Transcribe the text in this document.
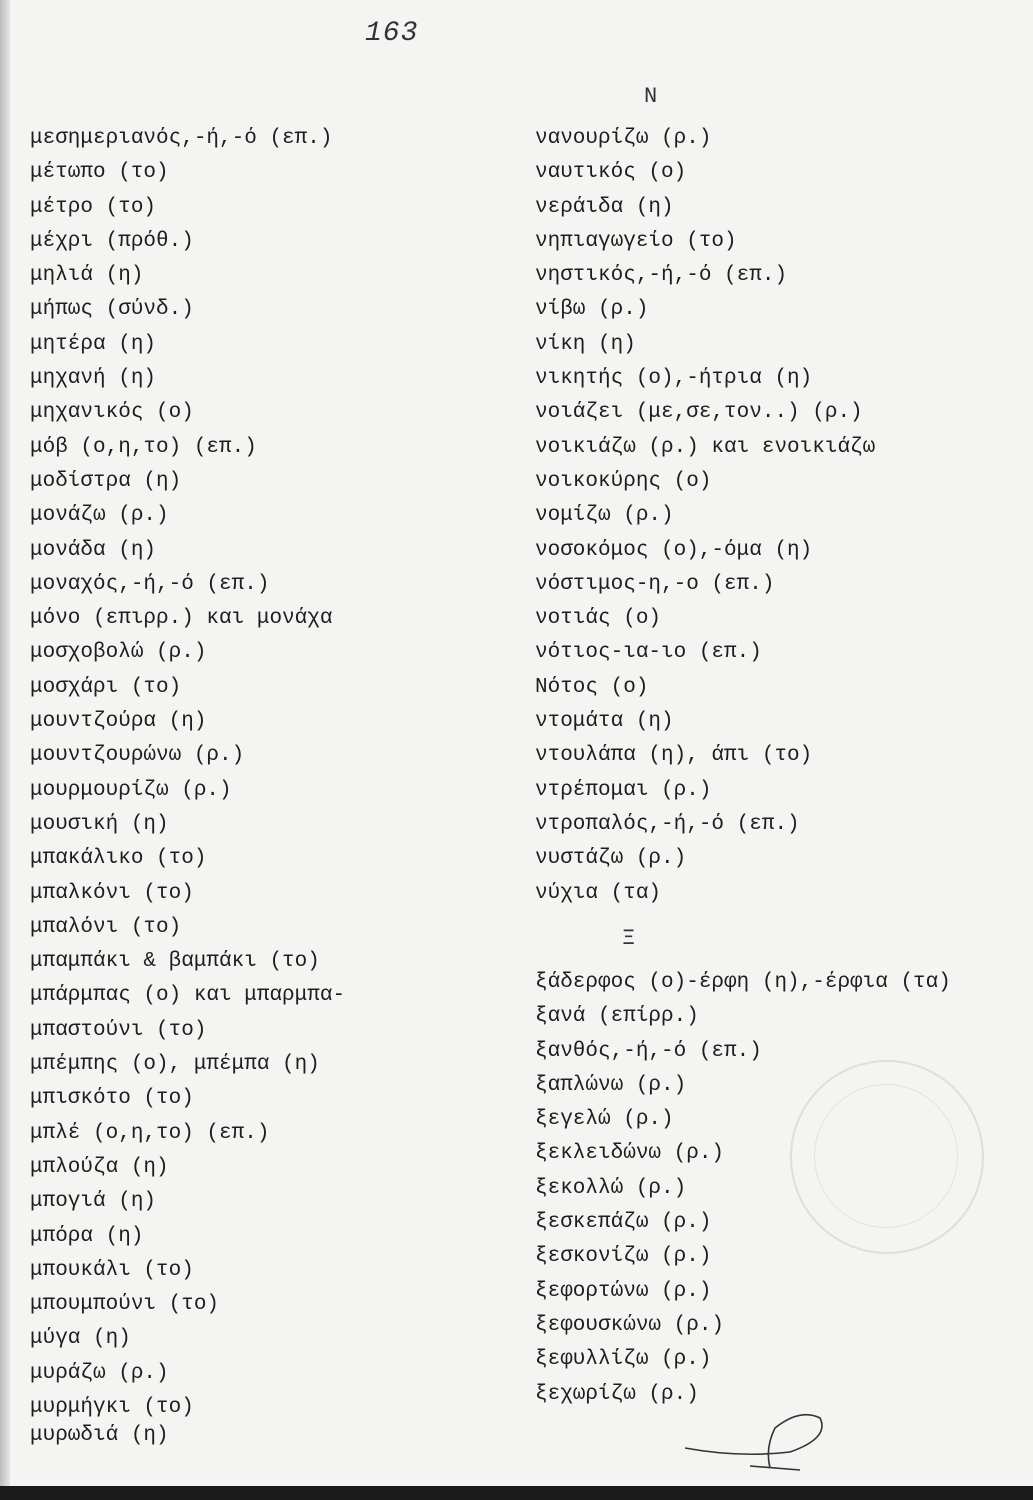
163
μεσημεριανός,-ή,-ό (επ.)
μέτωπο (το)
μέτρο (το)
μέχρι (πρόθ.)
μηλιά (η)
μήπως (σύνδ.)
μητέρα (η)
μηχανή (η)
μηχανικός (ο)
μόβ (ο,η,το) (επ.)
μοδίστρα (η)
μονάζω (ρ.)
μονάδα (η)
μοναχός,-ή,-ό (επ.)
μόνο (επιρρ.) και μονάχα
μοσχοβολώ (ρ.)
μοσχάρι (το)
μουντζούρα (η)
μουντζουρώνω (ρ.)
μουρμουρίζω (ρ.)
μουσική (η)
μπακάλικο (το)
μπαλκόνι (το)
μπαλόνι (το)
μπαμπάκι & βαμπάκι (το)
μπάρμπας (ο) και μπαρμπα-
μπαστούνι (το)
μπέμπης (ο), μπέμπα (η)
μπισκότο (το)
μπλέ (ο,η,το) (επ.)
μπλούζα (η)
μπογιά (η)
μπόρα (η)
μπουκάλι (το)
μπουμπούνι (το)
μύγα (η)
μυράζω (ρ.)
μυρμήγκι (το)
μυρωδιά (η)
Ν
νανουρίζω (ρ.)
ναυτικός (ο)
νεράιδα (η)
νηπιαγωγείο (το)
νηστικός,-ή,-ό (επ.)
νίβω (ρ.)
νίκη (η)
νικητής (ο),-ήτρια (η)
νοιάζει (με,σε,τον..) (ρ.)
νοικιάζω (ρ.) και ενοικιάζω
νοικοκύρης (ο)
νομίζω (ρ.)
νοσοκόμος (ο),-όμα (η)
νόστιμος-η,-ο (επ.)
νοτιάς (ο)
νότιος-ια-ιο (επ.)
Νότος (ο)
ντομάτα (η)
ντουλάπα (η), άπι (το)
ντρέπομαι (ρ.)
ντροπαλός,-ή,-ό (επ.)
νυστάζω (ρ.)
νύχια (τα)
Ξ
ξάδερφος (ο)-έρφη (η),-έρφια (τα)
ξανά (επίρρ.)
ξανθός,-ή,-ό (επ.)
ξαπλώνω (ρ.)
ξεγελώ (ρ.)
ξεκλειδώνω (ρ.)
ξεκολλώ (ρ.)
ξεσκεπάζω (ρ.)
ξεσκονίζω (ρ.)
ξεφορτώνω (ρ.)
ξεφουσκώνω (ρ.)
ξεφυλλίζω (ρ.)
ξεχωρίζω (ρ.)
